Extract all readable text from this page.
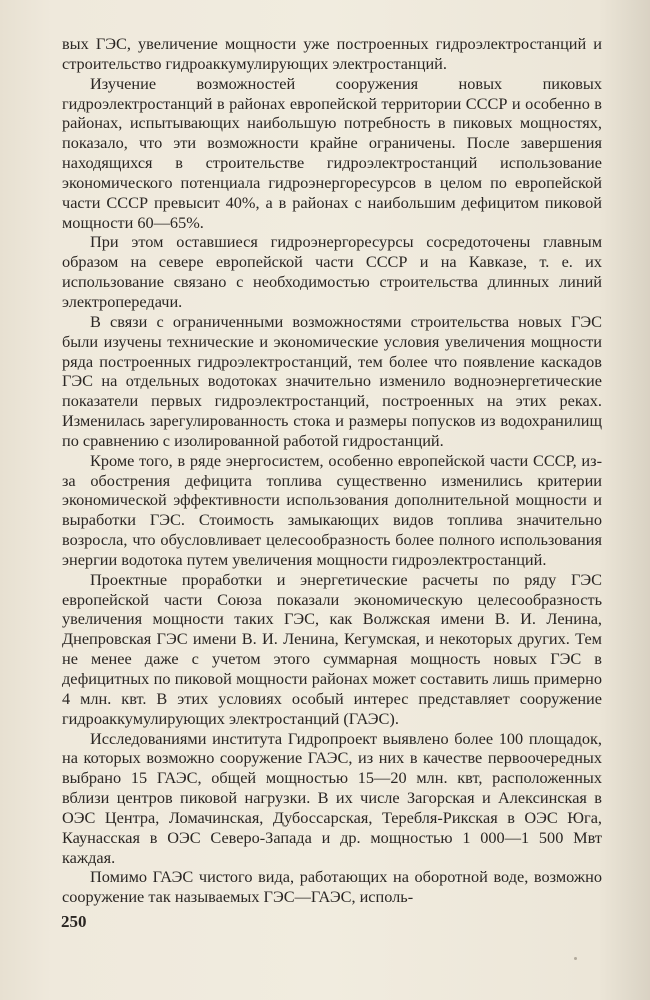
вых ГЭС, увеличение мощности уже построенных гидроэлектростанций и строительство гидроаккумулирующих электростанций.

Изучение возможностей сооружения новых пиковых гидроэлектростанций в районах европейской территории СССР и особенно в районах, испытывающих наибольшую потребность в пиковых мощностях, показало, что эти возможности крайне ограничены. После завершения находящихся в строительстве гидроэлектростанций использование экономического потенциала гидроэнергоресурсов в целом по европейской части СССР превысит 40%, а в районах с наибольшим дефицитом пиковой мощности 60—65%.

При этом оставшиеся гидроэнергоресурсы сосредоточены главным образом на севере европейской части СССР и на Кавказе, т. е. их использование связано с необходимостью строительства длинных линий электропередачи.

В связи с ограниченными возможностями строительства новых ГЭС были изучены технические и экономические условия увеличения мощности ряда построенных гидроэлектростанций, тем более что появление каскадов ГЭС на отдельных водотоках значительно изменило водноэнергетические показатели первых гидроэлектростанций, построенных на этих реках. Изменилась зарегулированность стока и размеры попусков из водохранилищ по сравнению с изолированной работой гидростанций.

Кроме того, в ряде энергосистем, особенно европейской части СССР, из-за обострения дефицита топлива существенно изменились критерии экономической эффективности использования дополнительной мощности и выработки ГЭС. Стоимость замыкающих видов топлива значительно возросла, что обусловливает целесообразность более полного использования энергии водотока путем увеличения мощности гидроэлектростанций.

Проектные проработки и энергетические расчеты по ряду ГЭС европейской части Союза показали экономическую целесообразность увеличения мощности таких ГЭС, как Волжская имени В. И. Ленина, Днепровская ГЭС имени В. И. Ленина, Кегумская, и некоторых других. Тем не менее даже с учетом этого суммарная мощность новых ГЭС в дефицитных по пиковой мощности районах может составить лишь примерно 4 млн. квт. В этих условиях особый интерес представляет сооружение гидроаккумулирующих электростанций (ГАЭС).

Исследованиями института Гидропроект выявлено более 100 площадок, на которых возможно сооружение ГАЭС, из них в качестве первоочередных выбрано 15 ГАЭС, общей мощностью 15—20 млн. квт, расположенных вблизи центров пиковой нагрузки. В их числе Загорская и Алексинская в ОЭС Центра, Ломачинская, Дубоссарская, Теребля-Рикская в ОЭС Юга, Каунасская в ОЭС Северо-Запада и др. мощностью 1 000—1 500 Мвт каждая.

Помимо ГАЭС чистого вида, работающих на оборотной воде, возможно сооружение так называемых ГЭС—ГАЭС, исполь-

250
